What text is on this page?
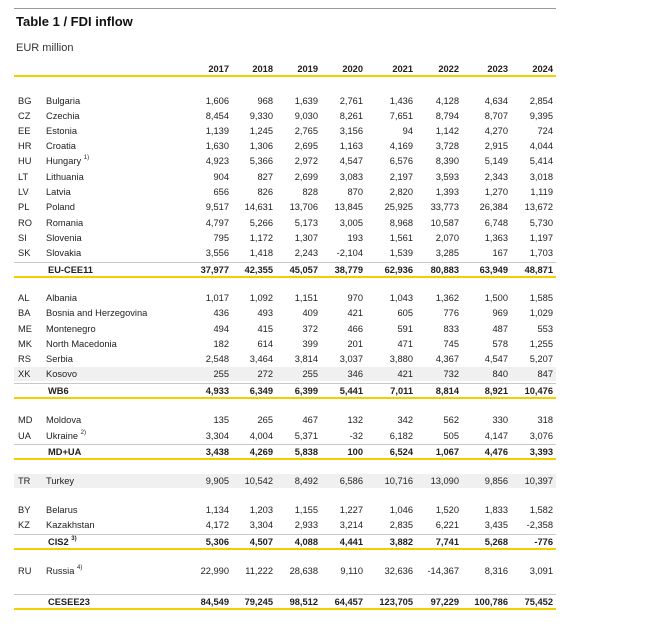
Table 1 / FDI inflow
EUR million
2017	2018	2019	2020	2021	2022	2023	2024
BG	Bulgaria	1,606	968	1,639	2,761	1,436	4,128	4,634	2,854
CZ	Czechia	8,454	9,330	9,030	8,261	7,651	8,794	8,707	9,395
EE	Estonia	1,139	1,245	2,765	3,156	94	1,142	4,270	724
HR	Croatia	1,630	1,306	2,695	1,163	4,169	3,728	2,915	4,044
HU	Hungary $^{1)}$	4,923	5,366	2,972	4,547	6,576	8,390	5,149	5,414
LT	Lithuania	904	827	2,699	3,083	2,197	3,593	2,343	3,018
LV	Latvia	656	826	828	870	2,820	1,393	1,270	1,119
PL	Poland	9,517	14,631	13,706	13,845	25,925	33,773	26,384	13,672
RO	Romania	4,797	5,266	5,173	3,005	8,968	10,587	6,748	5,730
SI	Slovenia	795	1,172	1,307	193	1,561	2,070	1,363	1,197
SK	Slovakia	3,556	1,418	2,243	-2,104	1,539	3,285	167	1,703
EU-CEE11	37,977	42,355	45,057	38,779	62,936	80,883	63,949	48,871
AL	Albania	1,017	1,092	1,151	970	1,043	1,362	1,500	1,585
BA	Bosnia and Herzegovina	436	493	409	421	605	776	969	1,029
ME	Montenegro	494	415	372	466	591	833	487	553
MK	North Macedonia	182	614	399	201	471	745	578	1,255
RS	Serbia	2,548	3,464	3,814	3,037	3,880	4,367	4,547	5,207
XK	Kosovo	255	272	255	346	421	732	840	847
WB6	4,933	6,349	6,399	5,441	7,011	8,814	8,921	10,476
MD	Moldova	135	265	467	132	342	562	330	318
UA	Ukraine $^{2)}$	3,304	4,004	5,371	-32	6,182	505	4,147	3,076
MD+UA	3,438	4,269	5,838	100	6,524	1,067	4,476	3,393
TR	Turkey	9,905	10,542	8,492	6,586	10,716	13,090	9,856	10,397
BY	Belarus	1,134	1,203	1,155	1,227	1,046	1,520	1,833	1,582
KZ	Kazakhstan	4,172	3,304	2,933	3,214	2,835	6,221	3,435	-2,358
CIS2 $^{3)}$	5,306	4,507	4,088	4,441	3,882	7,741	5,268	-776
RU	Russia $^{4)}$	22,990	11,222	28,638	9,110	32,636	-14,367	8,316	3,091
CESEE23	84,549	79,245	98,512	64,457	123,705	97,229	100,786	75,452
